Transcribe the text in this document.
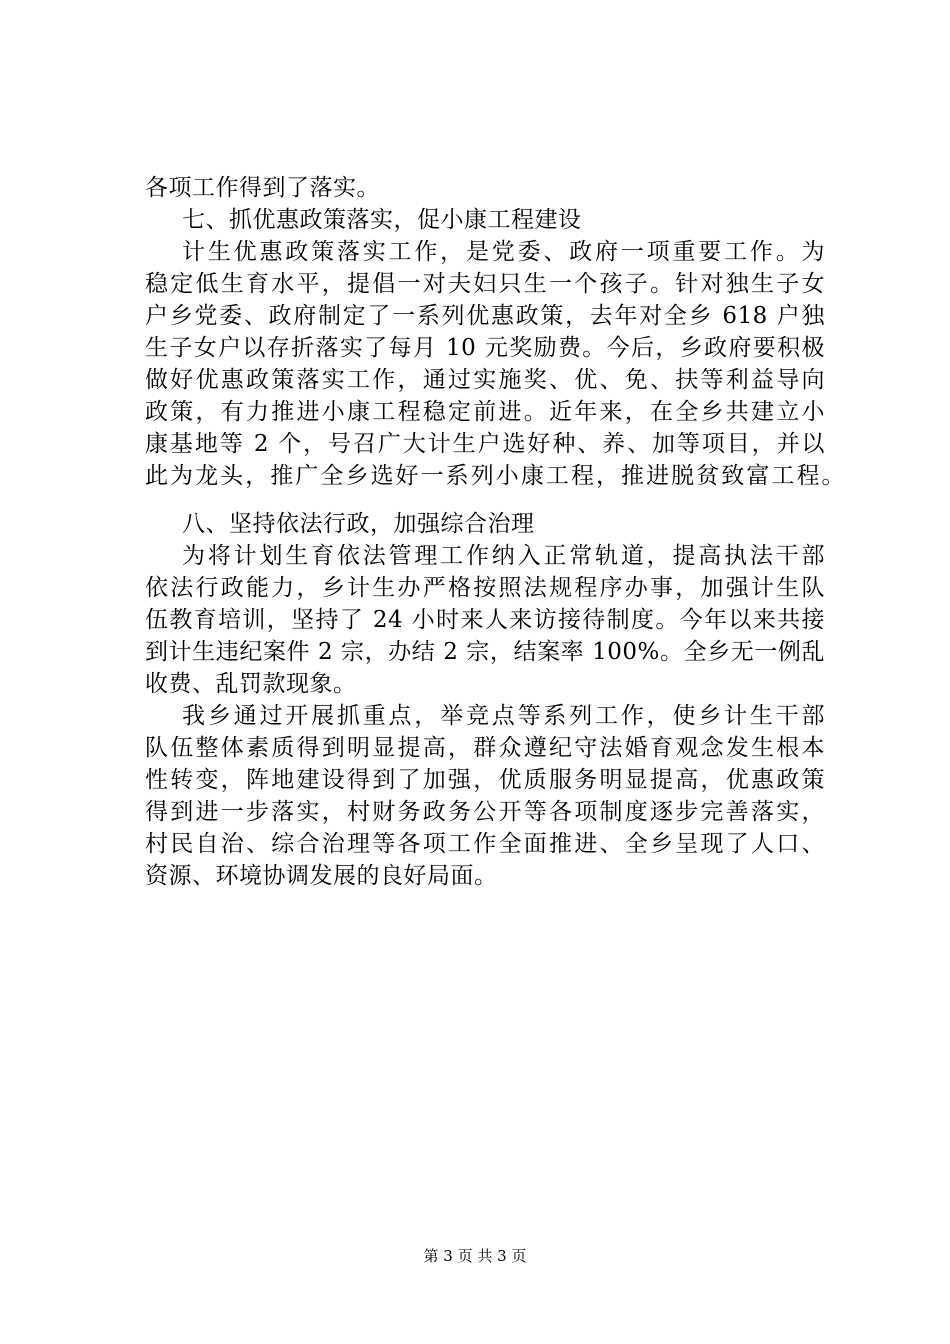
各项工作得到了落实。
七、抓优惠政策落实，促小康工程建设
计生优惠政策落实工作，是党委、政府一项重要工作。为
稳定低生育水平，提倡一对夫妇只生一个孩子。针对独生子女
户乡党委、政府制定了一系列优惠政策，去年对全乡 618 户独
生子女户以存折落实了每月 10 元奖励费。今后，乡政府要积极
做好优惠政策落实工作，通过实施奖、优、免、扶等利益导向
政策，有力推进小康工程稳定前进。近年来，在全乡共建立小
康基地等 2 个，号召广大计生户选好种、养、加等项目，并以
此为龙头，推广全乡选好一系列小康工程，推进脱贫致富工程。
八、坚持依法行政，加强综合治理
为将计划生育依法管理工作纳入正常轨道，提高执法干部
依法行政能力，乡计生办严格按照法规程序办事，加强计生队
伍教育培训，坚持了 24 小时来人来访接待制度。今年以来共接
到计生违纪案件 2 宗，办结 2 宗，结案率 100%。全乡无一例乱
收费、乱罚款现象。
我乡通过开展抓重点，举竞点等系列工作，使乡计生干部
队伍整体素质得到明显提高，群众遵纪守法婚育观念发生根本
性转变，阵地建设得到了加强，优质服务明显提高，优惠政策
得到进一步落实，村财务政务公开等各项制度逐步完善落实，
村民自治、综合治理等各项工作全面推进、全乡呈现了人口、
资源、环境协调发展的良好局面。
第 3 页 共 3 页
